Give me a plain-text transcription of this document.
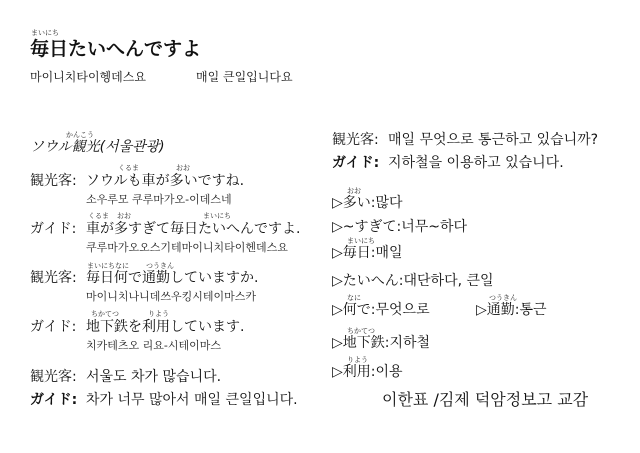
まいにち
毎日たいへんですよ
마이니치타이헹데스요	매일 큰일입니다요
かんこう
ソウル観光(서울관광)
くるま	おお
観光客: ソウルも車が多いですね.
소우루모 쿠루마가오-이데스네
くるま おお	まいにち
ガイド: 車が多すぎて毎日たいへんですよ.
쿠루마가오오스기테마이니치타이헨데스요
まいにちなに つうきん
観光客: 毎日何で通勤していますか.
마이니치나니데쓰우킹시테이마스카
ちかてつ	りよう
ガイド: 地下鉄を利用しています.
치카테츠오 리요-시테이마스
観光客: 서울도 차가 많습니다.
ガイド: 차가 너무 많아서 매일 큰일입니다.
観光客: 매일 무엇으로 통근하고 있습니까?
ガイド: 지하철을 이용하고 있습니다.
おお
▷多い:많다
▷~すぎて:너무~하다
まいにち
▷毎日:매일
▷たいへん:대단하다, 큰일
なに
▷何で:무엇으로
つうきん
▷通勤:통근
ちかてつ
▷地下鉄:지하철
りよう
▷利用:이용
이한표 /김제 덕암정보고 교감
